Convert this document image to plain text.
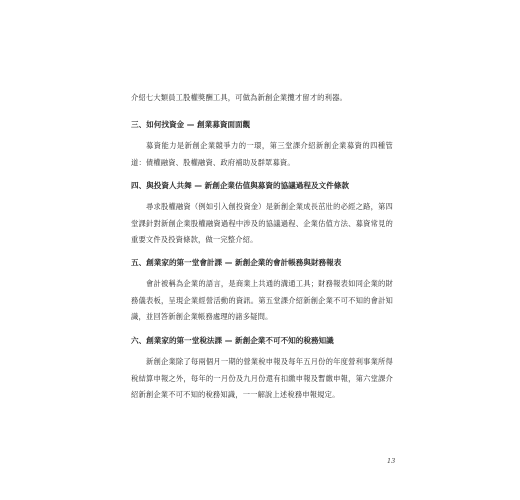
介紹七大類員工股權獎酬工具，可做為新創企業攬才留才的利器。

三、如何找資金 — 創業募資面面觀

募資能力是新創企業競爭力的一環，第三堂課介紹新創企業募資的四種管道：債權融資、股權融資、政府補助及群眾募資。

四、與投資人共舞 — 新創企業估值與募資的協議過程及文件條款

尋求股權融資（例如引入創投資金）是新創企業成長茁壯的必經之路，第四堂課針對新創企業股權融資過程中涉及的協議過程、企業估值方法、募資常見的重要文件及投資條款，做一完整介紹。

五、創業家的第一堂會計課 — 新創企業的會計帳務與財務報表

會計被稱為企業的語言，是商業上共通的溝通工具；財務報表如同企業的財務儀表板，呈現企業經營活動的資訊。第五堂課介紹新創企業不可不知的會計知識，並回答新創企業帳務處理的諸多疑問。

六、創業家的第一堂稅法課 — 新創企業不可不知的稅務知識

新創企業除了每兩個月一期的營業稅申報及每年五月份的年度營利事業所得稅結算申報之外，每年的一月份及九月份還有扣繳申報及暫繳申報，第六堂課介紹新創企業不可不知的稅務知識，一一解說上述稅務申報規定。

13
